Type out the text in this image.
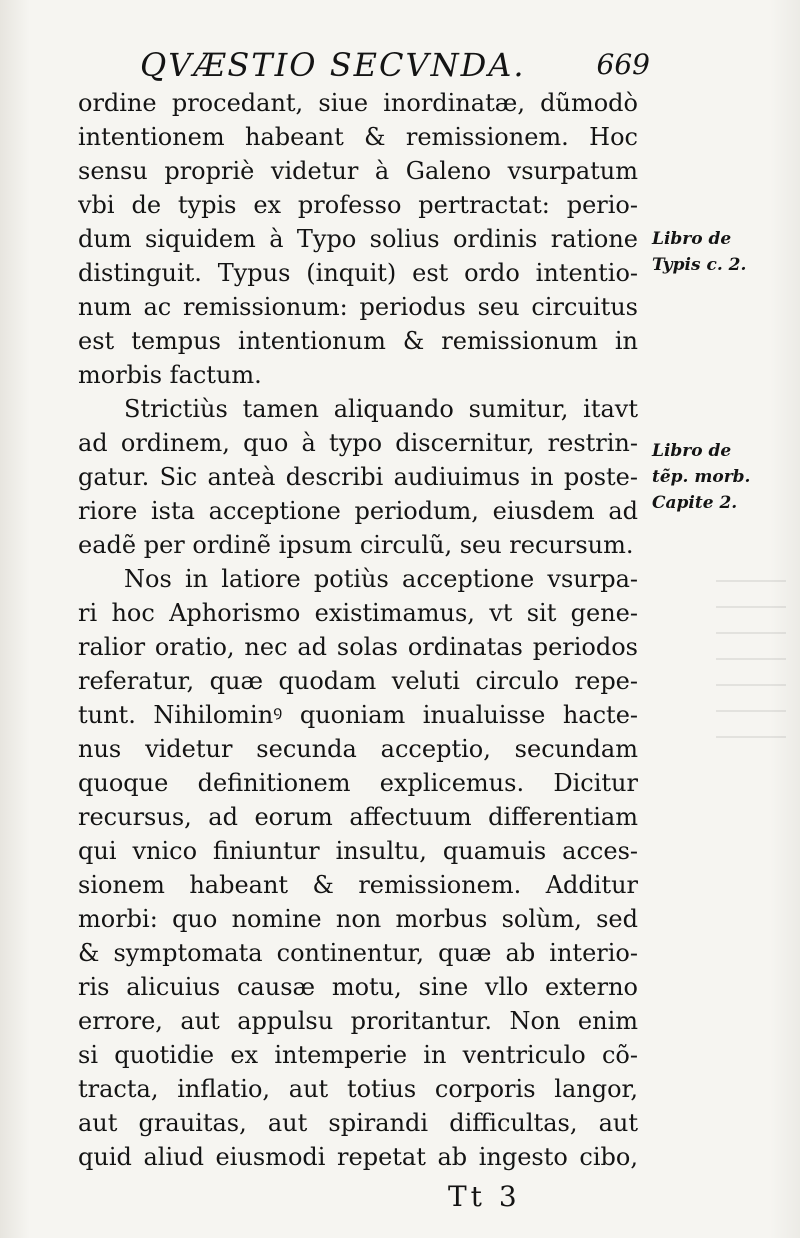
QVÆSTIO SECVNDA.	669
ordine procedant, siue inordinatæ, dũmodò
intentionem habeant & remissionem. Hoc
sensu propriè videtur à Galeno vsurpatum
vbi de typis ex professo pertractat: perio-
dum siquidem à Typo solius ordinis ratione
distinguit. Typus (inquit) est ordo intentio-
num ac remissionum: periodus seu circuitus
est tempus intentionum & remissionum in
morbis factum.
Strictiùs tamen aliquando sumitur, itavt
ad ordinem, quo à typo discernitur, restrin-
gatur. Sic anteà describi audiuimus in poste-
riore ista acceptione periodum, eiusdem ad
eadẽ per ordinẽ ipsum circulũ, seu recursum.
Nos in latiore potiùs acceptione vsurpa-
ri hoc Aphorismo existimamus, vt sit gene-
ralior oratio, nec ad solas ordinatas periodos
referatur, quæ quodam veluti circulo repe-
tunt. Nihilominꝰ quoniam inualuisse hacte-
nus videtur secunda acceptio, secundam
quoque definitionem explicemus. Dicitur
recursus, ad eorum affectuum differentiam
qui vnico finiuntur insultu, quamuis acces-
sionem habeant & remissionem. Additur
morbi: quo nomine non morbus solùm, sed
& symptomata continentur, quæ ab interio-
ris alicuius causæ motu, sine vllo externo
errore, aut appulsu proritantur. Non enim
si quotidie ex intemperie in ventriculo cõ-
tracta, inflatio, aut totius corporis langor,
aut grauitas, aut spirandi difficultas, aut
quid aliud eiusmodi repetat ab ingesto cibo,
Libro de
Typis c. 2.
Libro de
tẽp. morb.
Capite 2.
Tt 3
